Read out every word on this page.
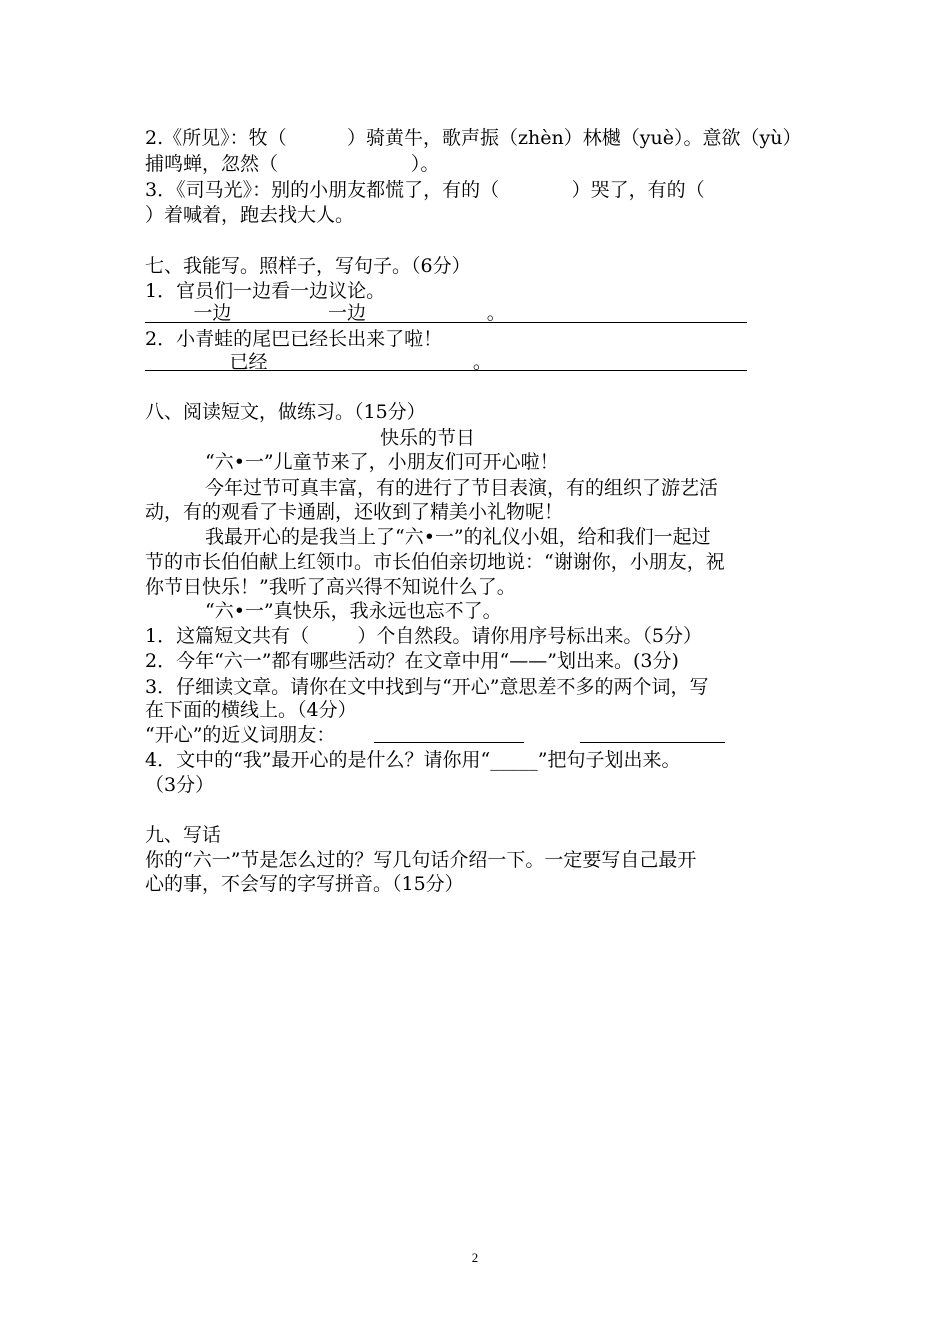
2.《所见》：牧（          ）骑黄牛，歌声振（zhèn）林樾（yuè）。意欲（yù）
捕鸣蝉，忽然（                      ）。
3．《司马光》：别的小朋友都慌了，有的（            ）哭了，有的（
）着喊着，跑去找大人。
七、我能写。照样子，写句子。（6分）
1．官员们一边看一边议论。
一边                一边                    。
2．小青蛙的尾巴已经长出来了啦！
已经                                  。
八、阅读短文，做练习。（15分）
快乐的节日
“六•一”儿童节来了，小朋友们可开心啦！
今年过节可真丰富，有的进行了节目表演，有的组织了游艺活
动，有的观看了卡通剧，还收到了精美小礼物呢！
我最开心的是我当上了“六•一”的礼仪小姐，给和我们一起过
节的市长伯伯献上红领巾。市长伯伯亲切地说：“谢谢你，小朋友，祝
你节日快乐！”我听了高兴得不知说什么了。
“六•一”真快乐，我永远也忘不了。
1．这篇短文共有（        ）个自然段。请你用序号标出来。（5分）
2．今年“六一”都有哪些活动？在文章中用“——”划出来。(3分)
3．仔细读文章。请你在文中找到与“开心”意思差不多的两个词，写
在下面的横线上。（4分）
“开心”的近义词朋友：
4．文中的“我”最开心的是什么？请你用“_____”把句子划出来。
（3分）
九、写话
你的“六一”节是怎么过的？写几句话介绍一下。一定要写自己最开
心的事，不会写的字写拼音。（15分）
2
